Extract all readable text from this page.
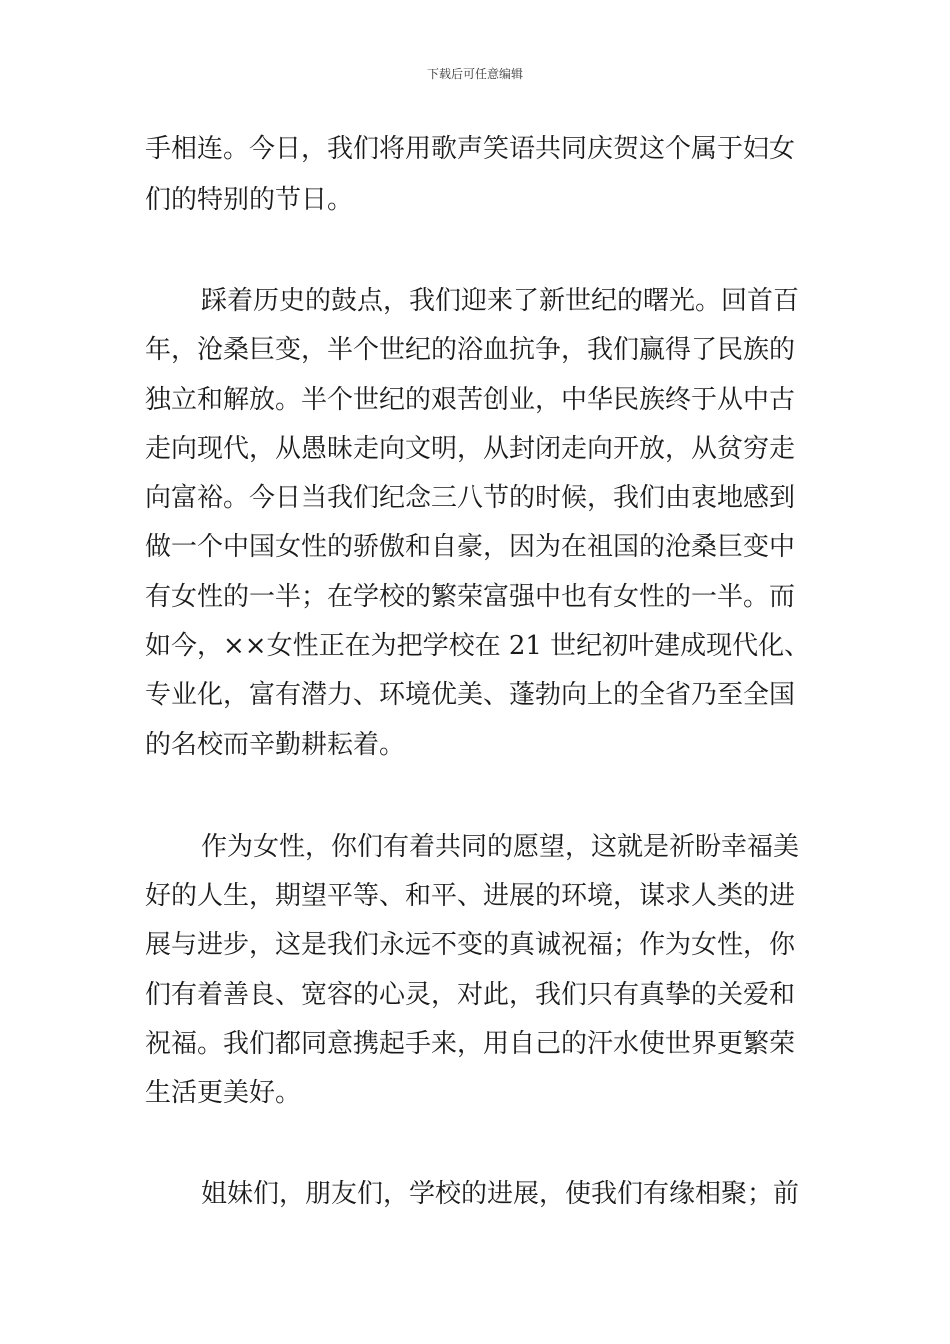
下载后可任意编辑
手相连。今日，我们将用歌声笑语共同庆贺这个属于妇女
们的特别的节日。
踩着历史的鼓点，我们迎来了新世纪的曙光。回首百
年，沧桑巨变，半个世纪的浴血抗争，我们赢得了民族的
独立和解放。半个世纪的艰苦创业，中华民族终于从中古
走向现代，从愚昧走向文明，从封闭走向开放，从贫穷走
向富裕。今日当我们纪念三八节的时候，我们由衷地感到
做一个中国女性的骄傲和自豪，因为在祖国的沧桑巨变中
有女性的一半；在学校的繁荣富强中也有女性的一半。而
如今，××女性正在为把学校在 21 世纪初叶建成现代化、
专业化，富有潜力、环境优美、蓬勃向上的全省乃至全国
的名校而辛勤耕耘着。
作为女性，你们有着共同的愿望，这就是祈盼幸福美
好的人生，期望平等、和平、进展的环境，谋求人类的进
展与进步，这是我们永远不变的真诚祝福；作为女性，你
们有着善良、宽容的心灵，对此，我们只有真挚的关爱和
祝福。我们都同意携起手来，用自己的汗水使世界更繁荣
生活更美好。
姐妹们，朋友们，学校的进展，使我们有缘相聚；前
